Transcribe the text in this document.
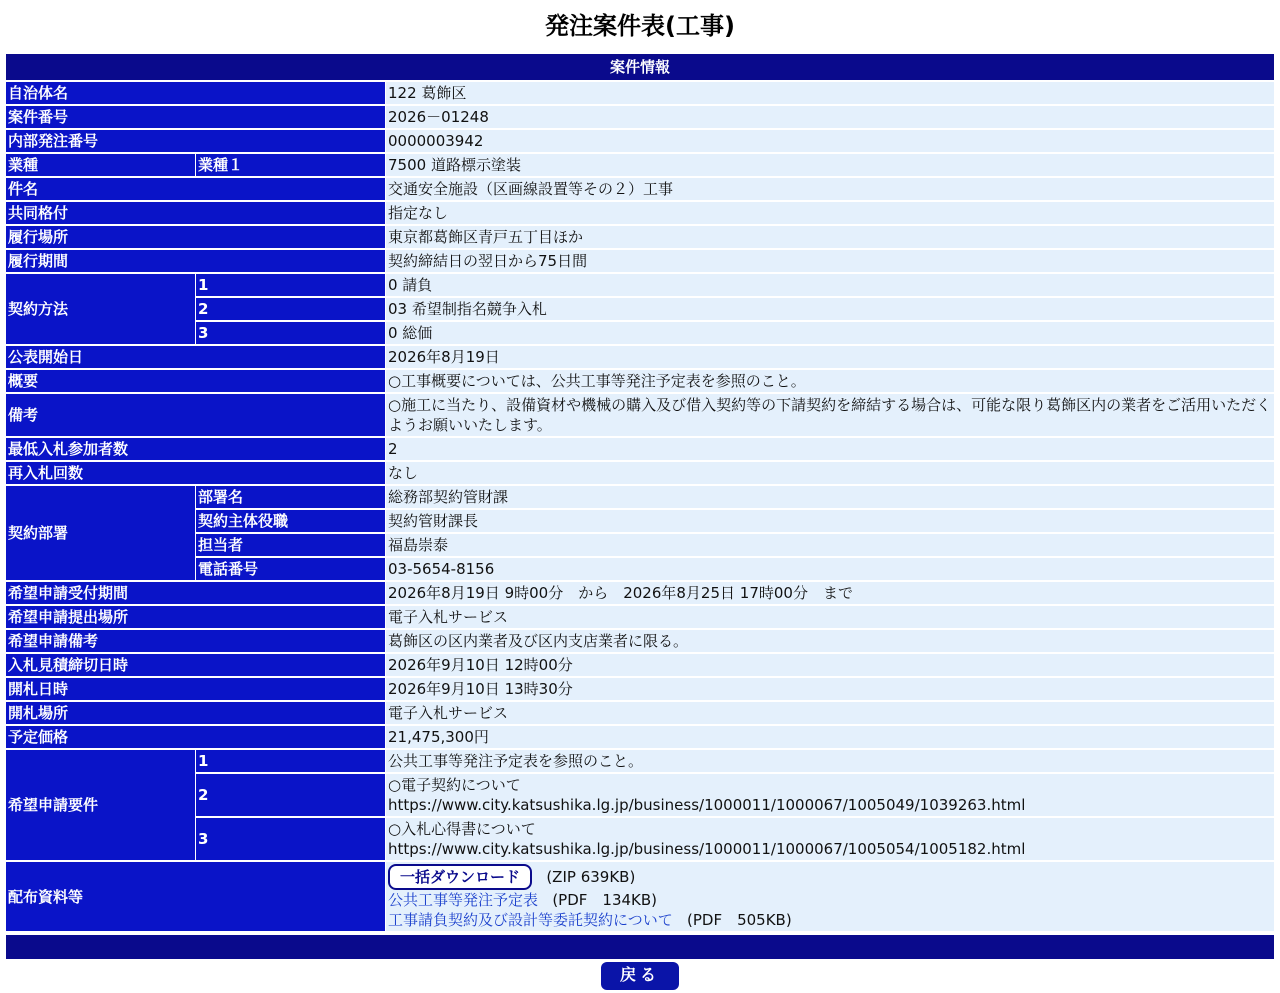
発注案件表(工事)
案件情報		
自治体名		122 葛飾区
案件番号		2026－01248
内部発注番号		0000003942
業種	業種１	7500 道路標示塗装
件名		交通安全施設（区画線設置等その２）工事
共同格付		指定なし
履行場所		東京都葛飾区青戸五丁目ほか
履行期間		契約締結日の翌日から75日間
契約方法	1	0 請負
	2	03 希望制指名競争入札
	3	0 総価
公表開始日		2026年8月19日
概要		○工事概要については、公共工事等発注予定表を参照のこと。
備考		○施工に当たり、設備資材や機械の購入及び借入契約等の下請契約を締結する場合は、可能な限り葛飾区内の業者をご活用いただくようお願いいたします。
最低入札参加者数		2
再入札回数		なし
契約部署	部署名	総務部契約管財課
	契約主体役職	契約管財課長
	担当者	福島崇泰
	電話番号	03-5654-8156
希望申請受付期間		2026年8月19日 9時00分　から　2026年8月25日 17時00分　まで
希望申請提出場所		電子入札サービス
希望申請備考		葛飾区の区内業者及び区内支店業者に限る。
入札見積締切日時		2026年9月10日 12時00分
開札日時		2026年9月10日 13時30分
開札場所		電子入札サービス
予定価格		21,475,300円
希望申請要件	1	公共工事等発注予定表を参照のこと。

	2	○電子契約について
https://www.city.katsushika.lg.jp/business/1000011/1000067/1005049/1039263.html

	3	○入札心得書について
https://www.city.katsushika.lg.jp/business/1000011/1000067/1005054/1005182.html

配布資料等		一括ダウンロード (ZIP 639KB)
公共工事等発注予定表 (PDF　134KB)
工事請負契約及び設計等委託契約について (PDF　505KB)
戻る
